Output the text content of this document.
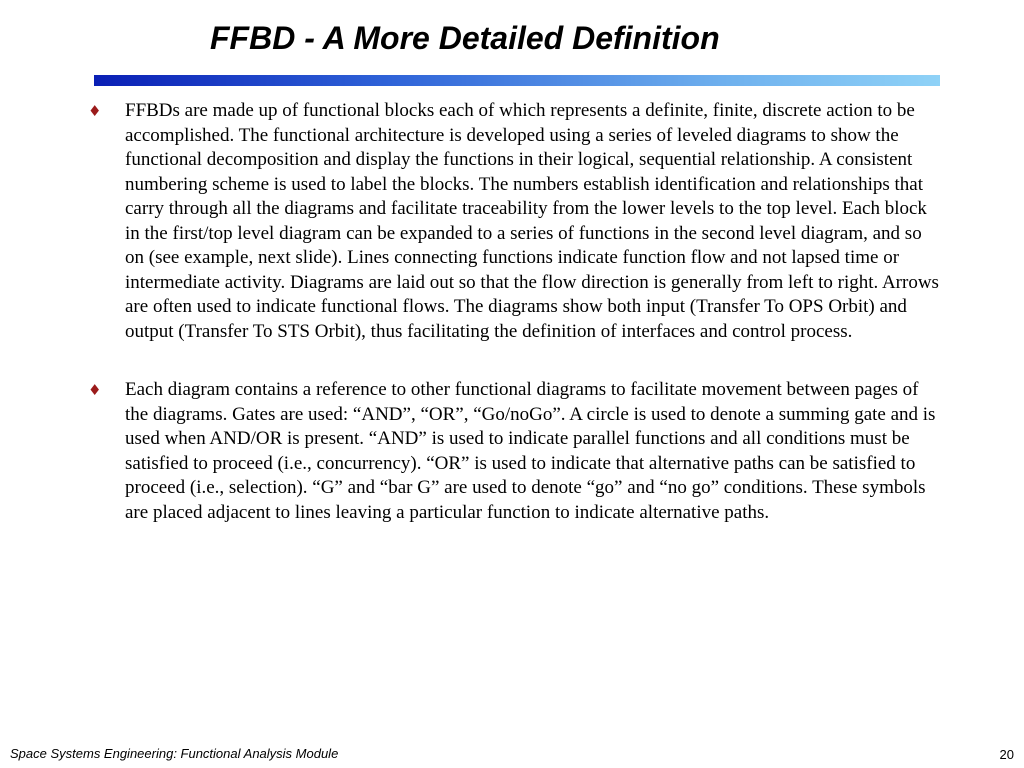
FFBD - A More Detailed Definition
♦ FFBDs are made up of functional blocks each of which represents a definite, finite, discrete action to be accomplished. The functional architecture is developed using a series of leveled diagrams to show the functional decomposition and display the functions in their logical, sequential relationship. A consistent numbering scheme is used to label the blocks. The numbers establish identification and relationships that carry through all the diagrams and facilitate traceability from the lower levels to the top level. Each block in the first/top level diagram can be expanded to a series of functions in the second level diagram, and so on (see example, next slide). Lines connecting functions indicate function flow and not lapsed time or intermediate activity. Diagrams are laid out so that the flow direction is generally from left to right. Arrows are often used to indicate functional flows. The diagrams show both input (Transfer To OPS Orbit) and output (Transfer To STS Orbit), thus facilitating the definition of interfaces and control process.
♦ Each diagram contains a reference to other functional diagrams to facilitate movement between pages of the diagrams. Gates are used: “AND”, “OR”, “Go/noGo”. A circle is used to denote a summing gate and is used when AND/OR is present. “AND” is used to indicate parallel functions and all conditions must be satisfied to proceed (i.e., concurrency). “OR” is used to indicate that alternative paths can be satisfied to proceed (i.e., selection). “G” and “bar G” are used to denote “go” and “no go” conditions. These symbols are placed adjacent to lines leaving a particular function to indicate alternative paths.
Space Systems Engineering: Functional Analysis Module	20
